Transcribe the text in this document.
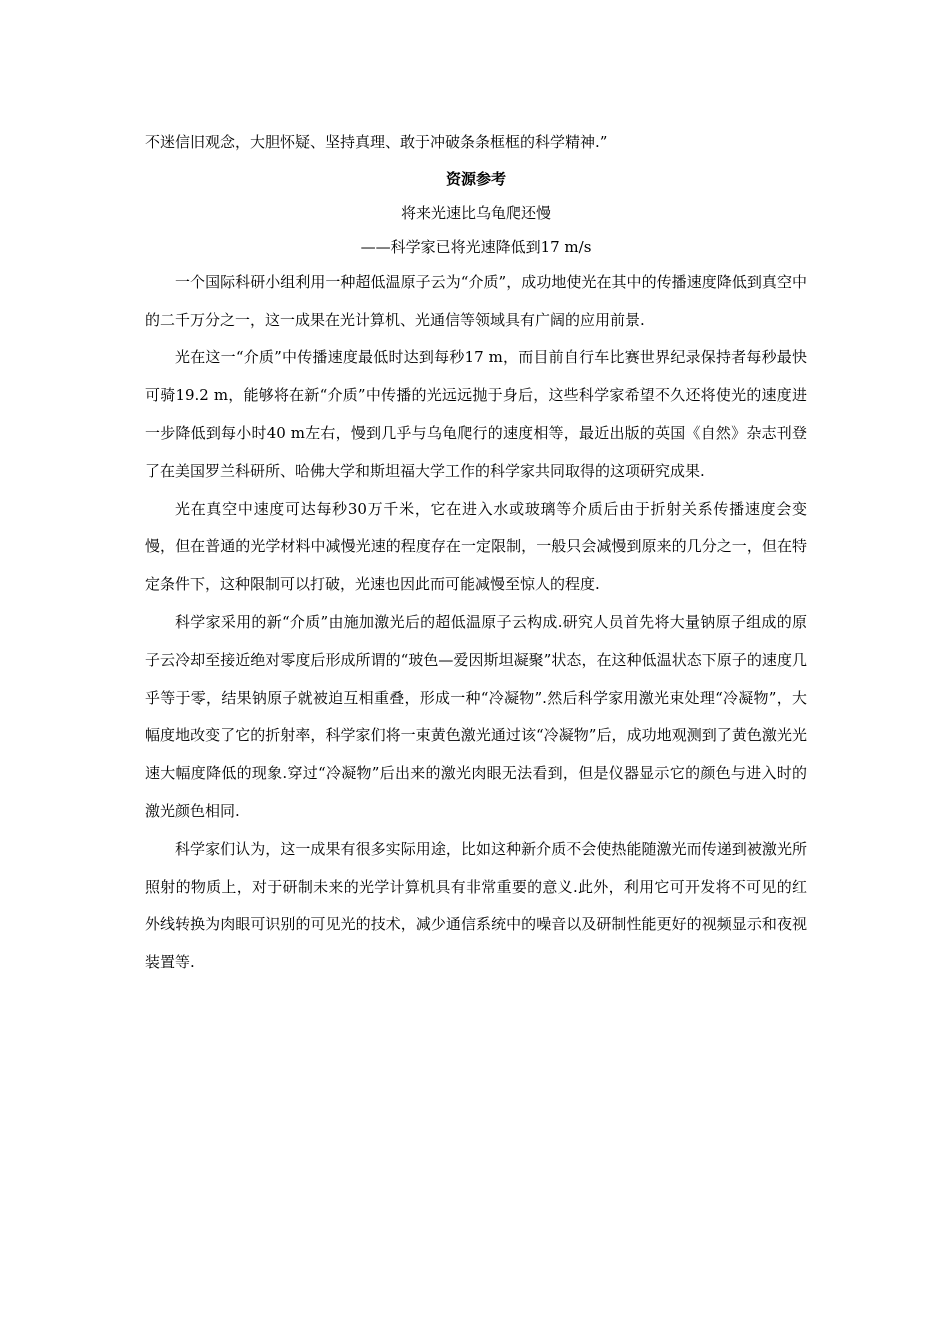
不迷信旧观念，大胆怀疑、坚持真理、敢于冲破条条框框的科学精神.”

资源参考

将来光速比乌龟爬还慢

——科学家已将光速降低到17 m/s

一个国际科研小组利用一种超低温原子云为“介质”，成功地使光在其中的传播速度降低到真空中的二千万分之一，这一成果在光计算机、光通信等领域具有广阔的应用前景.

光在这一“介质”中传播速度最低时达到每秒17 m，而目前自行车比赛世界纪录保持者每秒最快可骑19.2 m，能够将在新“介质”中传播的光远远抛于身后，这些科学家希望不久还将使光的速度进一步降低到每小时40 m左右，慢到几乎与乌龟爬行的速度相等，最近出版的英国《自然》杂志刊登了在美国罗兰科研所、哈佛大学和斯坦福大学工作的科学家共同取得的这项研究成果.

光在真空中速度可达每秒30万千米，它在进入水或玻璃等介质后由于折射关系传播速度会变慢，但在普通的光学材料中减慢光速的程度存在一定限制，一般只会减慢到原来的几分之一，但在特定条件下，这种限制可以打破，光速也因此而可能减慢至惊人的程度.

科学家采用的新“介质”由施加激光后的超低温原子云构成.研究人员首先将大量钠原子组成的原子云冷却至接近绝对零度后形成所谓的“玻色—爱因斯坦凝聚”状态，在这种低温状态下原子的速度几乎等于零，结果钠原子就被迫互相重叠，形成一种“冷凝物”.然后科学家用激光束处理“冷凝物”，大幅度地改变了它的折射率，科学家们将一束黄色激光通过该“冷凝物”后，成功地观测到了黄色激光光速大幅度降低的现象.穿过“冷凝物”后出来的激光肉眼无法看到，但是仪器显示它的颜色与进入时的激光颜色相同.

科学家们认为，这一成果有很多实际用途，比如这种新介质不会使热能随激光而传递到被激光所照射的物质上，对于研制未来的光学计算机具有非常重要的意义.此外，利用它可开发将不可见的红外线转换为肉眼可识别的可见光的技术，减少通信系统中的噪音以及研制性能更好的视频显示和夜视装置等.
